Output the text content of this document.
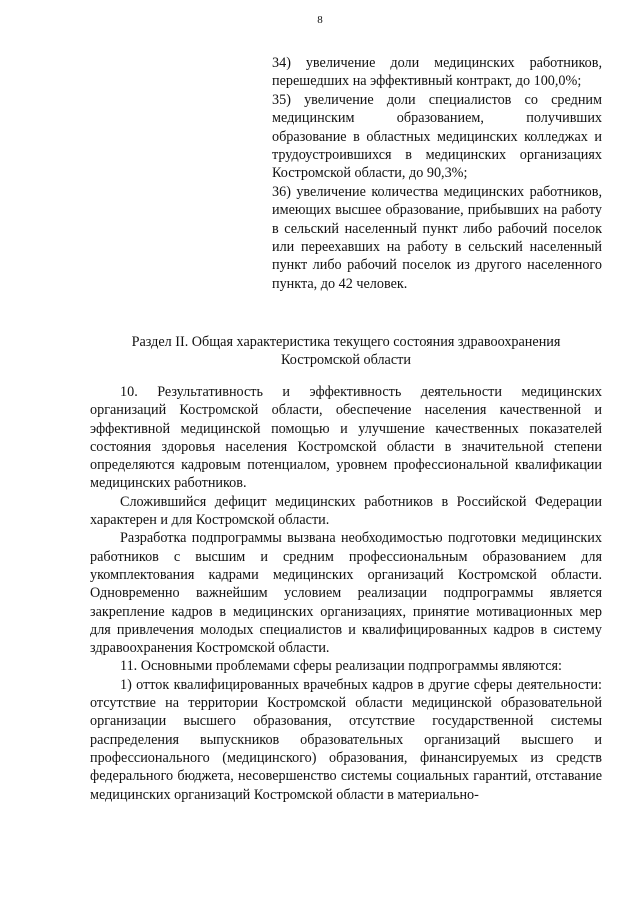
8

34) увеличение доли медицинских работников, перешедших на эффективный контракт, до 100,0%;

35) увеличение доли специалистов со средним медицинским образованием, получивших образование в областных медицинских колледжах и трудоустроившихся в медицинских организациях Костромской области, до 90,3%;

36) увеличение количества медицинских работников, имеющих высшее образование, прибывших на работу в сельский населенный пункт либо рабочий поселок или переехавших на работу в сельский населенный пункт либо рабочий поселок из другого населенного пункта, до 42 человек.

Раздел II. Общая характеристика текущего состояния здравоохранения

Костромской области

10. Результативность и эффективность деятельности медицинских организаций Костромской области, обеспечение населения качественной и эффективной медицинской помощью и улучшение качественных показателей состояния здоровья населения Костромской области в значительной степени определяются кадровым потенциалом, уровнем профессиональной квалификации медицинских работников.

Сложившийся дефицит медицинских работников в Российской Федерации характерен и для Костромской области.

Разработка подпрограммы вызвана необходимостью подготовки медицинских работников с высшим и средним профессиональным образованием для укомплектования кадрами медицинских организаций Костромской области. Одновременно важнейшим условием реализации подпрограммы является закрепление кадров в медицинских организациях, принятие мотивационных мер для привлечения молодых специалистов и квалифицированных кадров в систему здравоохранения Костромской области.

11. Основными проблемами сферы реализации подпрограммы являются:

1) отток квалифицированных врачебных кадров в другие сферы деятельности: отсутствие на территории Костромской области медицинской образовательной организации высшего образования, отсутствие государственной системы распределения выпускников образовательных организаций высшего и профессионального (медицинского) образования, финансируемых из средств федерального бюджета, несовершенство системы социальных гарантий, отставание медицинских организаций Костромской области в материально-
